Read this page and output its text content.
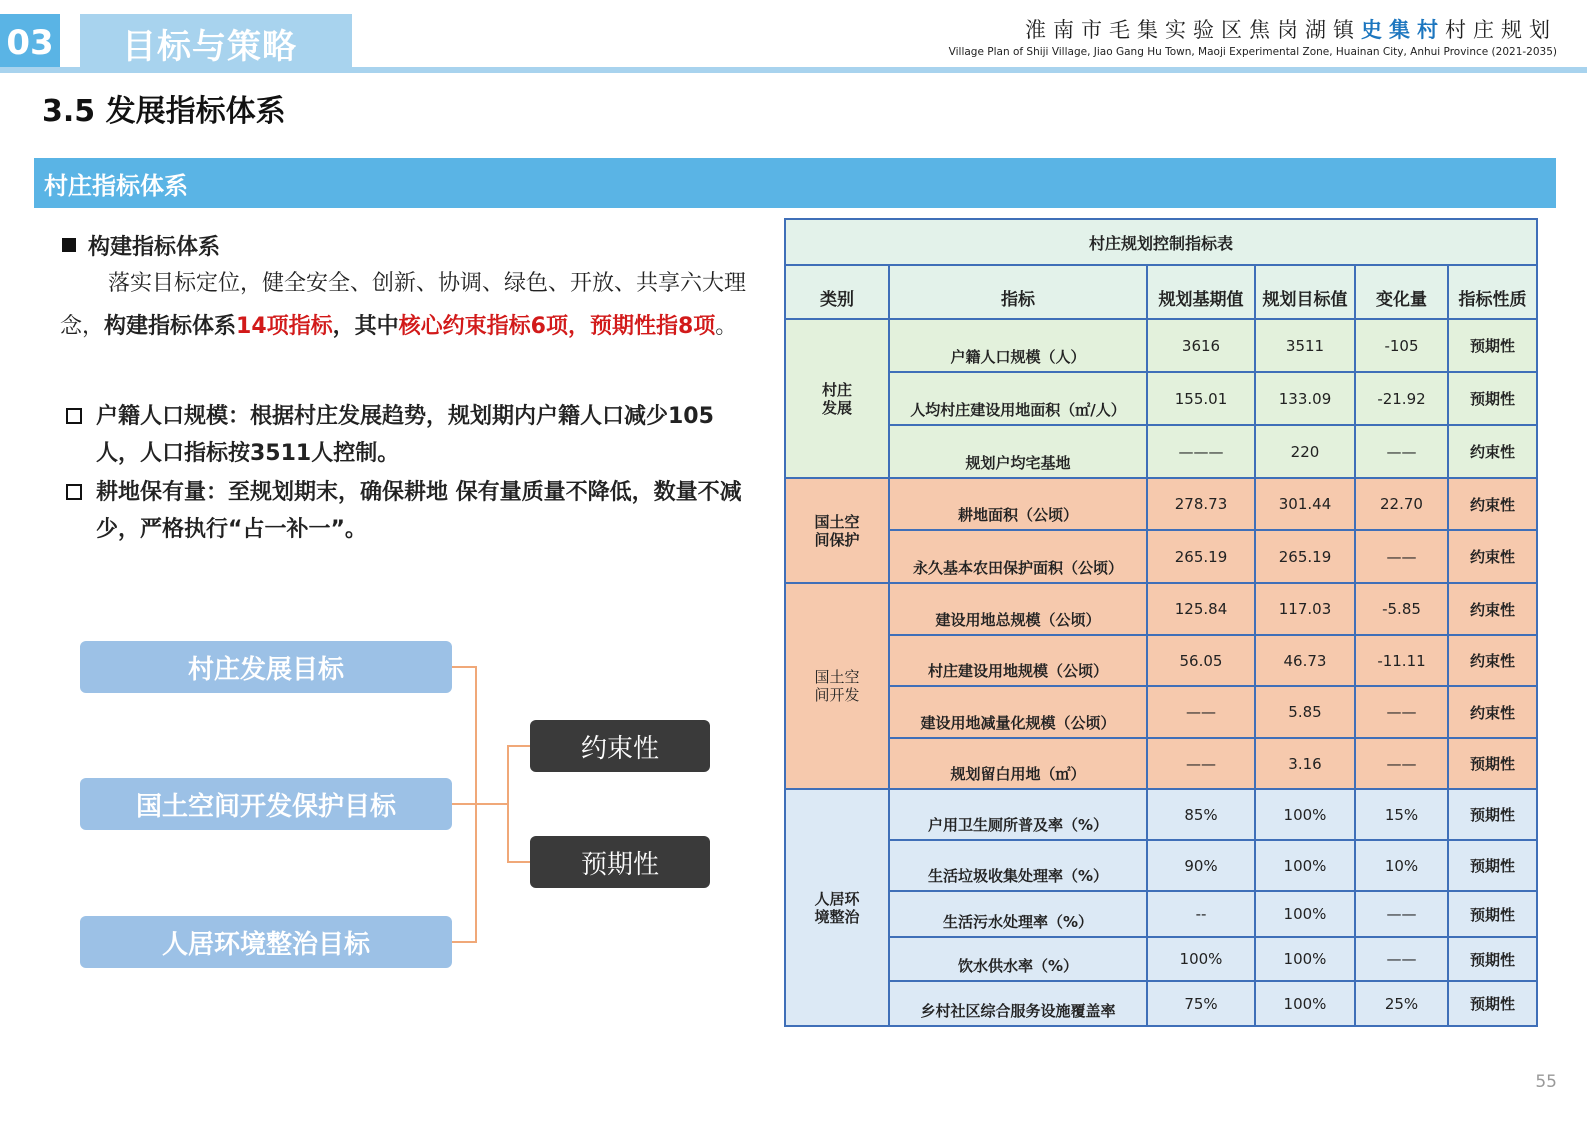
03	目标与策略	淮南市毛集实验区焦岗湖镇史集村村庄规划
Village Plan of Shiji Village, Jiao Gang Hu Town, Maoji Experimental Zone, Huainan City, Anhui Province (2021-2035)
3.5 发展指标体系
村庄指标体系
构建指标体系
落实目标定位，健全安全、创新、协调、绿色、开放、共享六大理念，构建指标体系14项指标，其中核心约束指标6项，预期性指8项。
户籍人口规模：根据村庄发展趋势，规划期内户籍人口减少105人，人口指标按3511人控制。
耕地保有量：至规划期末，确保耕地 保有量质量不降低，数量不减少，严格执行“占一补一”。
村庄发展目标
国土空间开发保护目标
人居环境整治目标
约束性
预期性
村庄规划控制指标表					
类别	指标	规划基期值	规划目标值	变化量	指标性质
村庄发展	户籍人口规模（人）	3616	3511	-105	预期性
	人均村庄建设用地面积（㎡/人）	155.01	133.09	-21.92	预期性
	规划户均宅基地	———	220	——	约束性
国土空间保护	耕地面积（公顷）	278.73	301.44	22.70	约束性
	永久基本农田保护面积（公顷）	265.19	265.19	——	约束性
国土空间开发	建设用地总规模（公顷）	125.84	117.03	-5.85	约束性
	村庄建设用地规模（公顷）	56.05	46.73	-11.11	约束性
	建设用地减量化规模（公顷）	——	5.85	——	约束性
	规划留白用地（㎡）	——	3.16	——	预期性
人居环境整治	户用卫生厕所普及率（%）	85%	100%	15%	预期性
	生活垃圾收集处理率（%）	90%	100%	10%	预期性
	生活污水处理率（%）	--	100%	——	预期性
	饮水供水率（%）	100%	100%	——	预期性
	乡村社区综合服务设施覆盖率	75%	100%	25%	预期性
55
